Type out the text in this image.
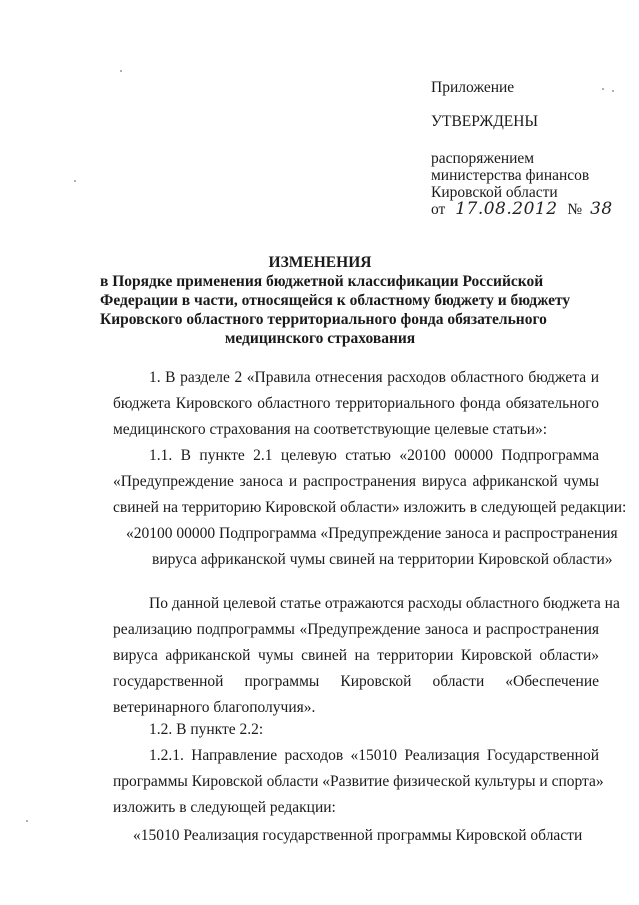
Приложение
УТВЕРЖДЕНЫ
распоряжением
министерства финансов
Кировской области
от 17.08.2012 № 38
ИЗМЕНЕНИЯ
в Порядке применения бюджетной классификации Российской
Федерации в части, относящейся к областному бюджету и бюджету
Кировского областного территориального фонда обязательного
медицинского страхования
1. В разделе 2 «Правила отнесения расходов областного бюджета и
бюджета Кировского областного территориального фонда обязательного
медицинского страхования на соответствующие целевые статьи»:
1.1. В пункте 2.1 целевую статью «20100 00000 Подпрограмма
«Предупреждение заноса и распространения вируса африканской чумы
свиней на территорию Кировской области» изложить в следующей редакции:
«20100 00000 Подпрограмма «Предупреждение заноса и распространения
вируса африканской чумы свиней на территории Кировской области»
По данной целевой статье отражаются расходы областного бюджета на
реализацию подпрограммы «Предупреждение заноса и распространения
вируса африканской чумы свиней на территории Кировской области»
государственной программы Кировской области «Обеспечение
ветеринарного благополучия».
1.2. В пункте 2.2:
1.2.1. Направление расходов «15010 Реализация Государственной
программы Кировской области «Развитие физической культуры и спорта»
изложить в следующей редакции:
«15010 Реализация государственной программы Кировской области
